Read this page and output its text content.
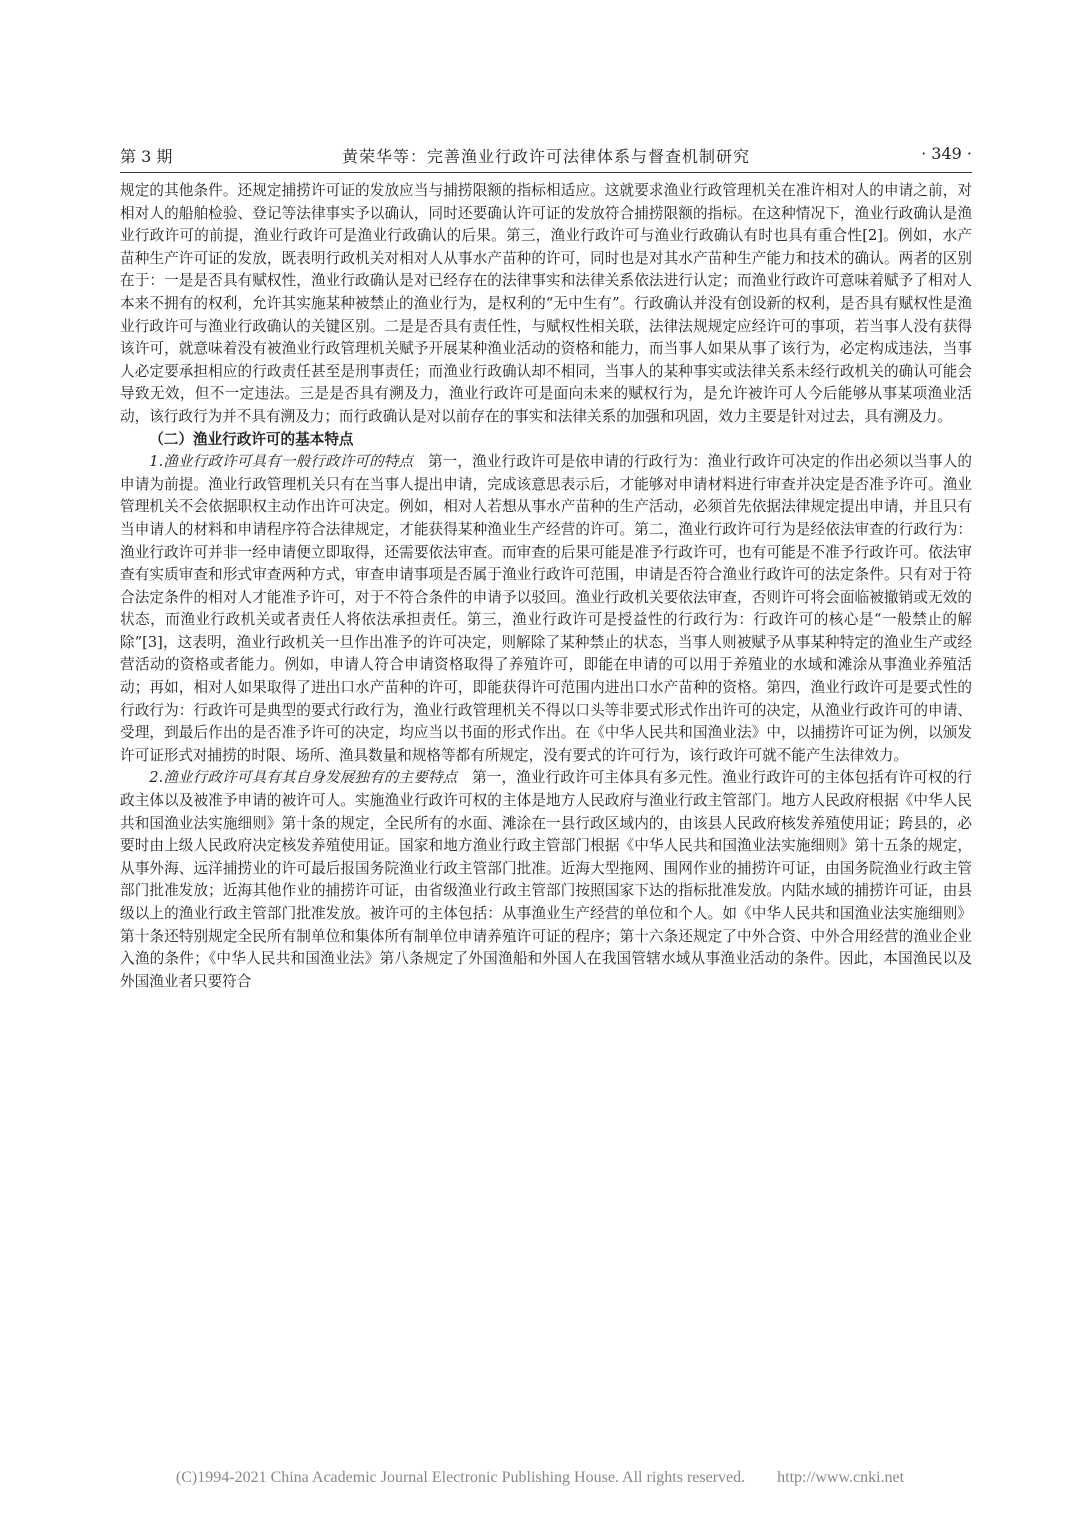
第 3 期	黄荣华等：完善渔业行政许可法律体系与督查机制研究	· 349 ·

规定的其他条件。还规定捕捞许可证的发放应当与捕捞限额的指标相适应。这就要求渔业行政管理机关在准许相对人的申请之前，对相对人的船舶检验、登记等法律事实予以确认，同时还要确认许可证的发放符合捕捞限额的指标。在这种情况下，渔业行政确认是渔业行政许可的前提，渔业行政许可是渔业行政确认的后果。第三，渔业行政许可与渔业行政确认有时也具有重合性[2]。例如，水产苗种生产许可证的发放，既表明行政机关对相对人从事水产苗种的许可，同时也是对其水产苗种生产能力和技术的确认。两者的区别在于：一是是否具有赋权性，渔业行政确认是对已经存在的法律事实和法律关系依法进行认定；而渔业行政许可意味着赋予了相对人本来不拥有的权利，允许其实施某种被禁止的渔业行为，是权利的“无中生有”。行政确认并没有创设新的权利，是否具有赋权性是渔业行政许可与渔业行政确认的关键区别。二是是否具有责任性，与赋权性相关联，法律法规规定应经许可的事项，若当事人没有获得该许可，就意味着没有被渔业行政管理机关赋予开展某种渔业活动的资格和能力，而当事人如果从事了该行为，必定构成违法，当事人必定要承担相应的行政责任甚至是刑事责任；而渔业行政确认却不相同，当事人的某种事实或法律关系未经行政机关的确认可能会导致无效，但不一定违法。三是是否具有溯及力，渔业行政许可是面向未来的赋权行为，是允许被许可人今后能够从事某项渔业活动，该行政行为并不具有溯及力；而行政确认是对以前存在的事实和法律关系的加强和巩固，效力主要是针对过去，具有溯及力。

（二）渔业行政许可的基本特点

1.渔业行政许可具有一般行政许可的特点　第一，渔业行政许可是依申请的行政行为：渔业行政许可决定的作出必须以当事人的申请为前提。渔业行政管理机关只有在当事人提出申请，完成该意思表示后，才能够对申请材料进行审查并决定是否准予许可。渔业管理机关不会依据职权主动作出许可决定。例如，相对人若想从事水产苗种的生产活动，必须首先依据法律规定提出申请，并且只有当申请人的材料和申请程序符合法律规定，才能获得某种渔业生产经营的许可。第二，渔业行政许可行为是经依法审查的行政行为：渔业行政许可并非一经申请便立即取得，还需要依法审查。而审查的后果可能是准予行政许可，也有可能是不准予行政许可。依法审查有实质审查和形式审查两种方式，审查申请事项是否属于渔业行政许可范围，申请是否符合渔业行政许可的法定条件。只有对于符合法定条件的相对人才能准予许可，对于不符合条件的申请予以驳回。渔业行政机关要依法审查，否则许可将会面临被撤销或无效的状态，而渔业行政机关或者责任人将依法承担责任。第三，渔业行政许可是授益性的行政行为：行政许可的核心是“一般禁止的解除”[3]，这表明，渔业行政机关一旦作出准予的许可决定，则解除了某种禁止的状态，当事人则被赋予从事某种特定的渔业生产或经营活动的资格或者能力。例如，申请人符合申请资格取得了养殖许可，即能在申请的可以用于养殖业的水域和滩涂从事渔业养殖活动；再如，相对人如果取得了进出口水产苗种的许可，即能获得许可范围内进出口水产苗种的资格。第四，渔业行政许可是要式性的行政行为：行政许可是典型的要式行政行为，渔业行政管理机关不得以口头等非要式形式作出许可的决定，从渔业行政许可的申请、受理，到最后作出的是否准予许可的决定，均应当以书面的形式作出。在《中华人民共和国渔业法》中，以捕捞许可证为例，以颁发许可证形式对捕捞的时限、场所、渔具数量和规格等都有所规定，没有要式的许可行为，该行政许可就不能产生法律效力。

2.渔业行政许可具有其自身发展独有的主要特点　第一，渔业行政许可主体具有多元性。渔业行政许可的主体包括有许可权的行政主体以及被准予申请的被许可人。实施渔业行政许可权的主体是地方人民政府与渔业行政主管部门。地方人民政府根据《中华人民共和国渔业法实施细则》第十条的规定，全民所有的水面、滩涂在一县行政区域内的，由该县人民政府核发养殖使用证；跨县的，必要时由上级人民政府决定核发养殖使用证。国家和地方渔业行政主管部门根据《中华人民共和国渔业法实施细则》第十五条的规定，从事外海、远洋捕捞业的许可最后报国务院渔业行政主管部门批准。近海大型拖网、围网作业的捕捞许可证，由国务院渔业行政主管部门批准发放；近海其他作业的捕捞许可证，由省级渔业行政主管部门按照国家下达的指标批准发放。内陆水域的捕捞许可证，由县级以上的渔业行政主管部门批准发放。被许可的主体包括：从事渔业生产经营的单位和个人。如《中华人民共和国渔业法实施细则》第十条还特别规定全民所有制单位和集体所有制单位申请养殖许可证的程序；第十六条还规定了中外合资、中外合用经营的渔业企业入渔的条件；《中华人民共和国渔业法》第八条规定了外国渔船和外国人在我国管辖水域从事渔业活动的条件。因此，本国渔民以及外国渔业者只要符合

(C)1994-2021 China Academic Journal Electronic Publishing House. All rights reserved.　　http://www.cnki.net
